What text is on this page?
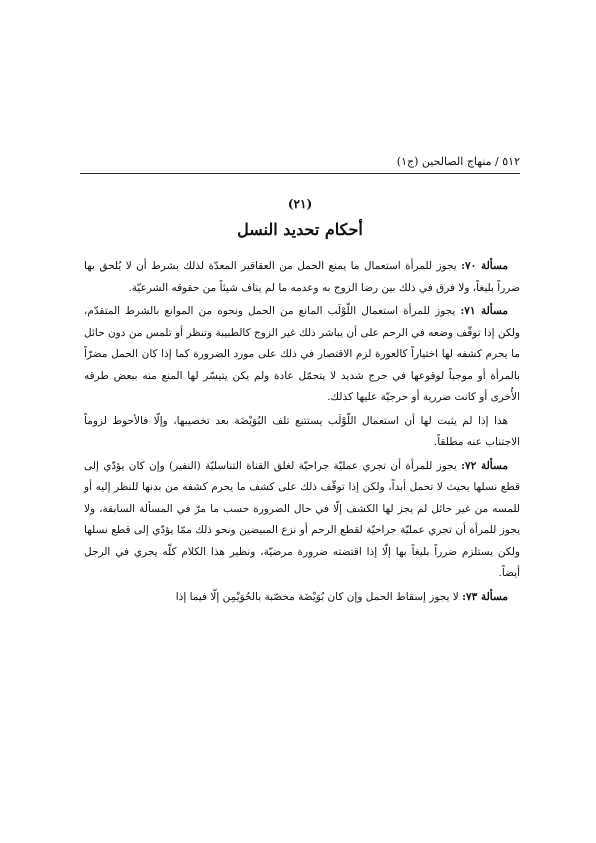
٥١٢ / منهاج الصالحين (ج١)
(٢١)
أحكام تحديد النسل

مسألة ٧٠: يجوز للمرأة استعمال ما يمنع الحمل من العقاقير المعدّة لذلك بشرط أن لا يُلحق بها ضرراً بليغاً، ولا فرق في ذلك بين رضا الزوج به وعدمه ما لم يناف شيئاً من حقوقه الشرعيّة.

مسألة ٧١: يجوز للمرأة استعمال اللّوْلَب المانع من الحمل ونحوه من الموانع بالشرط المتقدّم، ولكن إذا توقّف وضعه في الرحم على أن يباشر ذلك غير الزوج كالطبيبة وتنظر أو تلمس من دون حائل ما يحرم كشفه لها اختياراً كالعورة لزم الاقتصار في ذلك على مورد الضرورة كما إذا كان الحمل مضرّاً بالمرأة أو موجباً لوقوعها في حرج شديد لا يتحمّل عادة ولم يكن يتيسّر لها المنع منه ببعض طرقه الأُخرى أو كانت ضررية أو حرجيّة عليها كذلك.

هذا إذا لم يثبت لها أن استعمال اللّوْلَب يستتبع تلف البُوَيْضَة بعد تخصيبها، وإلّا فالأحوط لزوماً الاجتناب عنه مطلقاً.

مسألة ٧٢: يجوز للمرأة أن تجري عمليّة جراحيّة لغلق القناة التناسليّة (النفير) وإن كان يؤدّي إلى قطع نسلها بحيث لا تحمل أبداً، ولكن إذا توقّف ذلك على كشف ما يحرم كشفه من بدنها للنظر إليه أو للمسه من غير حائل لم يجز لها الكشف إلّا في حال الضرورة حسب ما مرّ في المسألة السابقة، ولا يجوز للمرأة أن تجري عمليّة جراحيّة لقطع الرحم أو نزع المبيضين ونحو ذلك ممّا يؤدّي إلى قطع نسلها ولكن يستلزم ضرراً بليغاً بها إلّا إذا اقتضته ضرورة مرضيّة، ونظير هذا الكلام كلّه يجري في الرجل أيضاً.

مسألة ٧٣: لا يجوز إسقاط الحمل وإن كان بُوَيْضَة مخصّبة بالحُوَيْمِن إلّا فيما إذا
